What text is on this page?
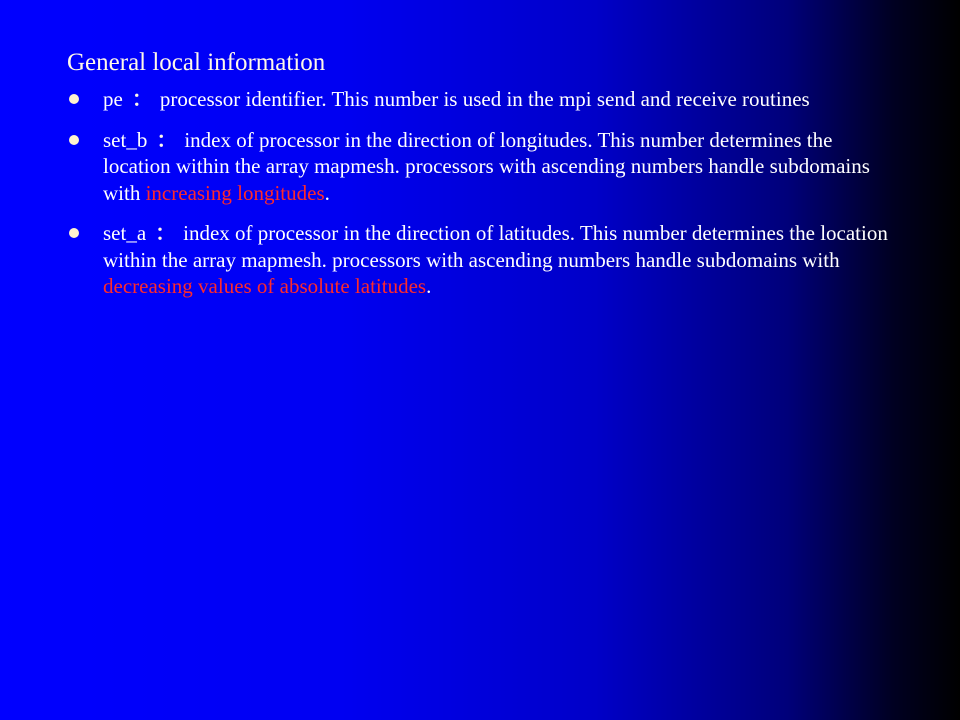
General local information
pe ： processor identifier. This number is used in the mpi send and receive routines
set_b ： index of processor in the direction of longitudes. This number determines the location within the array mapmesh. processors with ascending numbers handle subdomains with increasing longitudes.
set_a ： index of processor in the direction of latitudes. This number determines the location within the array mapmesh. processors with ascending numbers handle subdomains with decreasing values of absolute latitudes.
